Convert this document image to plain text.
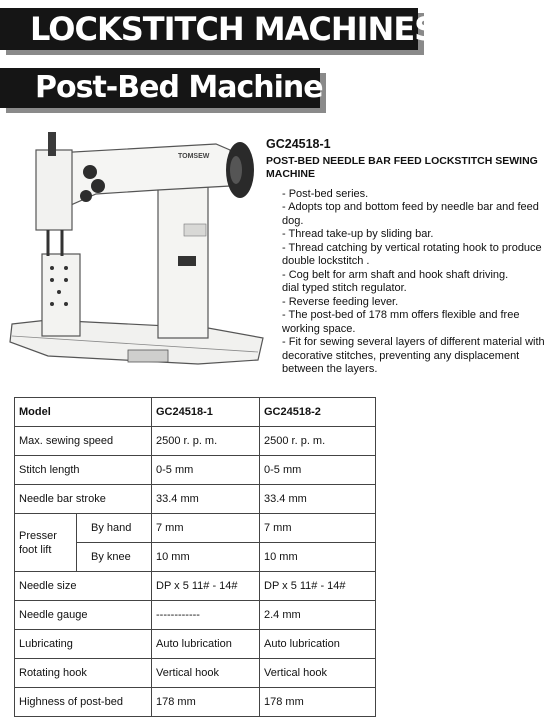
LOCKSTITCH MACHINES
Post-Bed Machine
TOMSEW
GC24518-1
POST-BED NEEDLE BAR FEED LOCKSTITCH SEWING MACHINE
- Post-bed series.
- Adopts top and bottom feed by needle bar and feed dog.
- Thread take-up by sliding bar.
- Thread catching by vertical rotating hook to produce double lockstitch .
- Cog belt for arm shaft and hook shaft driving.
dial typed stitch regulator.
- Reverse feeding lever.
- The post-bed of 178 mm offers flexible and free working space.
- Fit for sewing several layers of different material with decorative stitches, preventing any displacement between the layers.
Model		GC24518-1	GC24518-2
Max. sewing speed		2500 r. p. m.	2500 r. p. m.
Stitch length		0-5 mm	0-5 mm
Needle bar stroke		33.4 mm	33.4 mm
Presser foot lift	By hand	7 mm	7 mm
	By knee	10 mm	10 mm
Needle size		DP x 5 11# - 14#	DP x 5 11# - 14#
Needle gauge		------------	2.4 mm
Lubricating		Auto lubrication	Auto lubrication
Rotating hook		Vertical hook	Vertical hook
Highness of post-bed		178 mm	178 mm
